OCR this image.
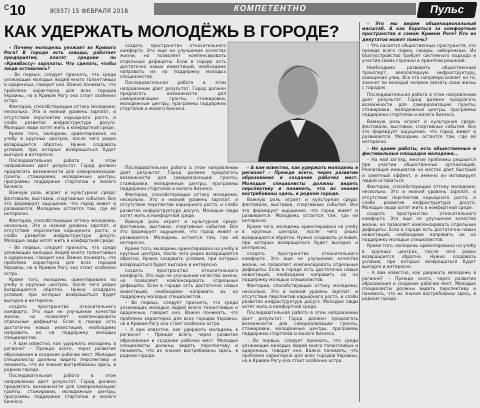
$^с$10	8(937) 15 ФЕВРАЛЯ 2018	КОМПЕТЕНТНО	Пульс
КАК УДЕРЖАТЬ МОЛОДЁЖЬ В ГОРОДЕ?

– Почему молодежь уезжает из Кривого Рога? В городе есть заводы, работает предприятия, платят средние по «Кривбассу» зарплаты. Что сделать, чтобы люди оставались?

– Во первых, следует признать, что среди уезжающих молодых людей много талантливых и одаренных, говорит она. Важно понимать, что проблема характерна для всех городов Украины, но в Кривом Рогу она стоит особенно остро.

Факторов, способствующих оттоку молодежи, несколько. Это и низкий уровень зарплат, и отсутствие перспектив карьерного роста, и слабо развитая инфраструктура досуга. Молодые люди хотят жить в комфортной среде.

Кроме того, молодежь ориентирована на учебу в крупных центрах, после чего редко возвращается обратно. Нужно создавать условия, при которых возвращаться будет выгодно и интересно.

Последовательная работа в этом направлении дает результат. Город должен предлагать возможности для самореализации: гранты, стажировки, молодежные центры, программы поддержки стартапов и малого бизнеса.

Важную роль играет и культурная среда: фестивали, выставки, спортивные события. Все это формирует ощущение, что город живет и развивается. Молодежь остается там, где ей интересно.

Факторов, способствующих оттоку молодежи, несколько. Это и низкий уровень зарплат, и отсутствие перспектив карьерного роста, и слабо развитая инфраструктура досуга. Молодые люди хотят жить в комфортной среде.

– Во первых, следует признать, что среди уезжающих молодых людей много талантливых и одаренных, говорит она. Важно понимать, что проблема характерна для всех городов Украины, но в Кривом Рогу она стоит особенно остро.

Кроме того, молодежь ориентирована на учебу в крупных центрах, после чего редко возвращается обратно. Нужно создавать условия, при которых возвращаться будет выгодно и интересно.

создать пространство относительного комфорта. Это еще не улучшение качества жизни, но позволяет компенсировать отдельные дефициты. Если в городе есть достаточно новых инвестиций, необходимо направить их на поддержку молодых специалистов.

– А вам известно, как удержать молодежь в регионе? – Прежде всего, через развитие образования и создание рабочих мест. Молодые специалисты должны видеть перспективу и понимать, что их знания востребованы здесь, в родном городе.

Последовательная работа в этом направлении дает результат. Город должен предлагать возможности для самореализации: гранты, стажировки, молодежные центры, программы поддержки стартапов и малого бизнеса.

создать пространство относительного комфорта. Это еще не улучшение качества жизни, но позволяет компенсировать отдельные дефициты. Если в городе есть достаточно новых инвестиций, необходимо направить их на поддержку молодых специалистов.

Последовательная работа в этом направлении дает результат. Город должен предлагать возможности для самореализации: гранты, стажировки, молодежные центры, программы поддержки стартапов и малого бизнеса.

Последовательная работа в этом направлении дает результат. Город должен предлагать возможности для самореализации: гранты, стажировки, молодежные центры, программы поддержки стартапов и малого бизнеса.

Факторов, способствующих оттоку молодежи, несколько. Это и низкий уровень зарплат, и отсутствие перспектив карьерного роста, и слабо развитая инфраструктура досуга. Молодые люди хотят жить в комфортной среде.

Важную роль играет и культурная среда: фестивали, выставки, спортивные события. Все это формирует ощущение, что город живет и развивается. Молодежь остается там, где ей интересно.

Кроме того, молодежь ориентирована на учебу в крупных центрах, после чего редко возвращается обратно. Нужно создавать условия, при которых возвращаться будет выгодно и интересно.

создать пространство относительного комфорта. Это еще не улучшение качества жизни, но позволяет компенсировать отдельные дефициты. Если в городе есть достаточно новых инвестиций, необходимо направить их на поддержку молодых специалистов.

– Во первых, следует признать, что среди уезжающих молодых людей много талантливых и одаренных, говорит она. Важно понимать, что проблема характерна для всех городов Украины, но в Кривом Рогу она стоит особенно остро.

– А вам известно, как удержать молодежь в регионе? – Прежде всего, через развитие образования и создание рабочих мест. Молодые специалисты должны видеть перспективу и понимать, что их знания востребованы здесь, в родном городе.

– А вам известно, как удержать молодежь в регионе? – Прежде всего, через развитие образования и создание рабочих мест. Молодые специалисты должны видеть перспективу и понимать, что их знания востребованы здесь, в родном городе.

Важную роль играет и культурная среда: фестивали, выставки, спортивные события. Все это формирует ощущение, что город живет и развивается. Молодежь остается там, где ей интересно.

Кроме того, молодежь ориентирована на учебу в крупных центрах, после чего редко возвращается обратно. Нужно создавать условия, при которых возвращаться будет выгодно и интересно.

создать пространство относительного комфорта. Это еще не улучшение качества жизни, но позволяет компенсировать отдельные дефициты. Если в городе есть достаточно новых инвестиций, необходимо направить их на поддержку молодых специалистов.

Факторов, способствующих оттоку молодежи, несколько. Это и низкий уровень зарплат, и отсутствие перспектив карьерного роста, и слабо развитая инфраструктура досуга. Молодые люди хотят жить в комфортной среде.

Последовательная работа в этом направлении дает результат. Город должен предлагать возможности для самореализации: гранты, стажировки, молодежные центры, программы поддержки стартапов и малого бизнеса.

– Во первых, следует признать, что среди уезжающих молодых людей много талантливых и одаренных, говорит она. Важно понимать, что проблема характерна для всех городов Украины, но в Кривом Рогу она стоит особенно остро.

– Это мы видим общенациональный масштаб. А как бороться за комфортные пространства в самом Кривом Роге? Кто из депутатов может помочь?

– Что касается общественных пространств, это прежде всего парки, скверы, набережные. Их благоустройство требует системного подхода и участия самих горожан в принятии решений.

Необходимо развивать общественный транспорт, велосипедную инфраструктуру, освещение улиц. Все это напрямую влияет на то, захочет ли молодой человек связать свою жизнь с городом.

Последовательная работа в этом направлении дает результат. Город должен предлагать возможности для самореализации: гранты, стажировки, молодежные центры, программы поддержки стартапов и малого бизнеса.

Важную роль играет и культурная среда: фестивали, выставки, спортивные события. Все это формирует ощущение, что город живет и развивается. Молодежь остается там, где ей интересно.

– Но кроме работы, есть общественные и фестивальные площадки молодежи...

– На мой взгляд, многие проблемы решаются при участии общественных организаций. Реализация инициатив на местах дает быстрый и заметный эффект, и именно он мотивирует людей оставаться.

Факторов, способствующих оттоку молодежи, несколько. Это и низкий уровень зарплат, и отсутствие перспектив карьерного роста, и слабо развитая инфраструктура досуга. Молодые люди хотят жить в комфортной среде.

создать пространство относительного комфорта. Это еще не улучшение качества жизни, но позволяет компенсировать отдельные дефициты. Если в городе есть достаточно новых инвестиций, необходимо направить их на поддержку молодых специалистов.

Кроме того, молодежь ориентирована на учебу в крупных центрах, после чего редко возвращается обратно. Нужно создавать условия, при которых возвращаться будет выгодно и интересно.

– А вам известно, как удержать молодежь в регионе? – Прежде всего, через развитие образования и создание рабочих мест. Молодые специалисты должны видеть перспективу и понимать, что их знания востребованы здесь, в родном городе.
